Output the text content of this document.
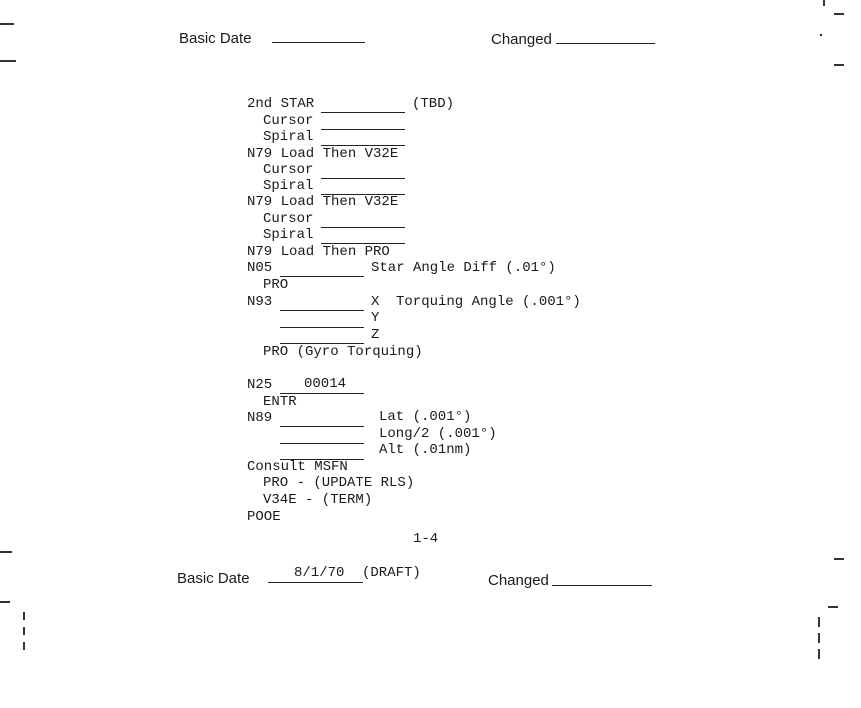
Basic Date	Changed
2nd STAR	(TBD)
Cursor
Spiral
N79 Load Then V32E
Cursor
Spiral
N79 Load Then V32E
Cursor
Spiral
N79 Load Then PRO
N05	Star Angle Diff (.01°)
PRO
N93	X Torquing Angle (.001°)
Y
Z
PRO (Gyro Torquing)
N25 00014
ENTR
N89	Lat (.001°)
Long/2 (.001°)
Alt (.01nm)
Consult MSFN
PRO - (UPDATE RLS)
V34E - (TERM)
POOE
1-4
Basic Date	8/1/70 (DRAFT)	Changed
